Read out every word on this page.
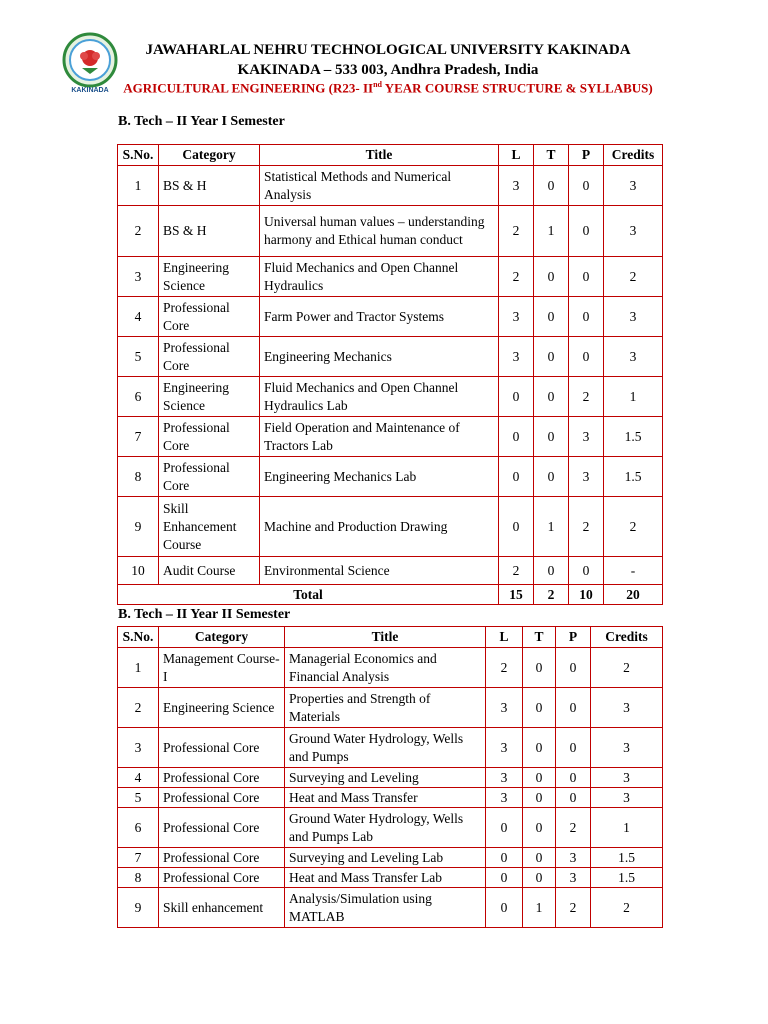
KAKINADA
JAWAHARLAL NEHRU TECHNOLOGICAL UNIVERSITY KAKINADA
KAKINADA – 533 003, Andhra Pradesh, India
AGRICULTURAL ENGINEERING (R23- IInd YEAR COURSE STRUCTURE & SYLLABUS)
B. Tech – II Year I Semester
S.No.	Category	Title	L	T	P	Credits
1	BS & H	Statistical Methods and Numerical Analysis	3	0	0	3
2	BS & H	Universal human values – understanding harmony and Ethical human conduct	2	1	0	3
3	Engineering Science	Fluid Mechanics and Open Channel Hydraulics	2	0	0	2
4	Professional Core	Farm Power and Tractor Systems	3	0	0	3
5	Professional Core	Engineering Mechanics	3	0	0	3
6	Engineering Science	Fluid Mechanics and Open Channel Hydraulics Lab	0	0	2	1
7	Professional Core	Field Operation and Maintenance of Tractors Lab	0	0	3	1.5
8	Professional Core	Engineering Mechanics Lab	0	0	3	1.5
9	Skill Enhancement Course	Machine and Production Drawing	0	1	2	2
10	Audit Course	Environmental Science	2	0	0	-
Total			15	2	10	20
B. Tech – II Year II Semester
S.No.	Category	Title	L	T	P	Credits
1	Management Course- I	Managerial Economics and Financial Analysis	2	0	0	2
2	Engineering Science	Properties and Strength of Materials	3	0	0	3
3	Professional Core	Ground Water Hydrology, Wells and Pumps	3	0	0	3
4	Professional Core	Surveying and Leveling	3	0	0	3
5	Professional Core	Heat and Mass Transfer	3	0	0	3
6	Professional Core	Ground Water Hydrology, Wells and Pumps Lab	0	0	2	1
7	Professional Core	Surveying and Leveling Lab	0	0	3	1.5
8	Professional Core	Heat and Mass Transfer Lab	0	0	3	1.5
9	Skill enhancement	Analysis/Simulation using MATLAB	0	1	2	2
